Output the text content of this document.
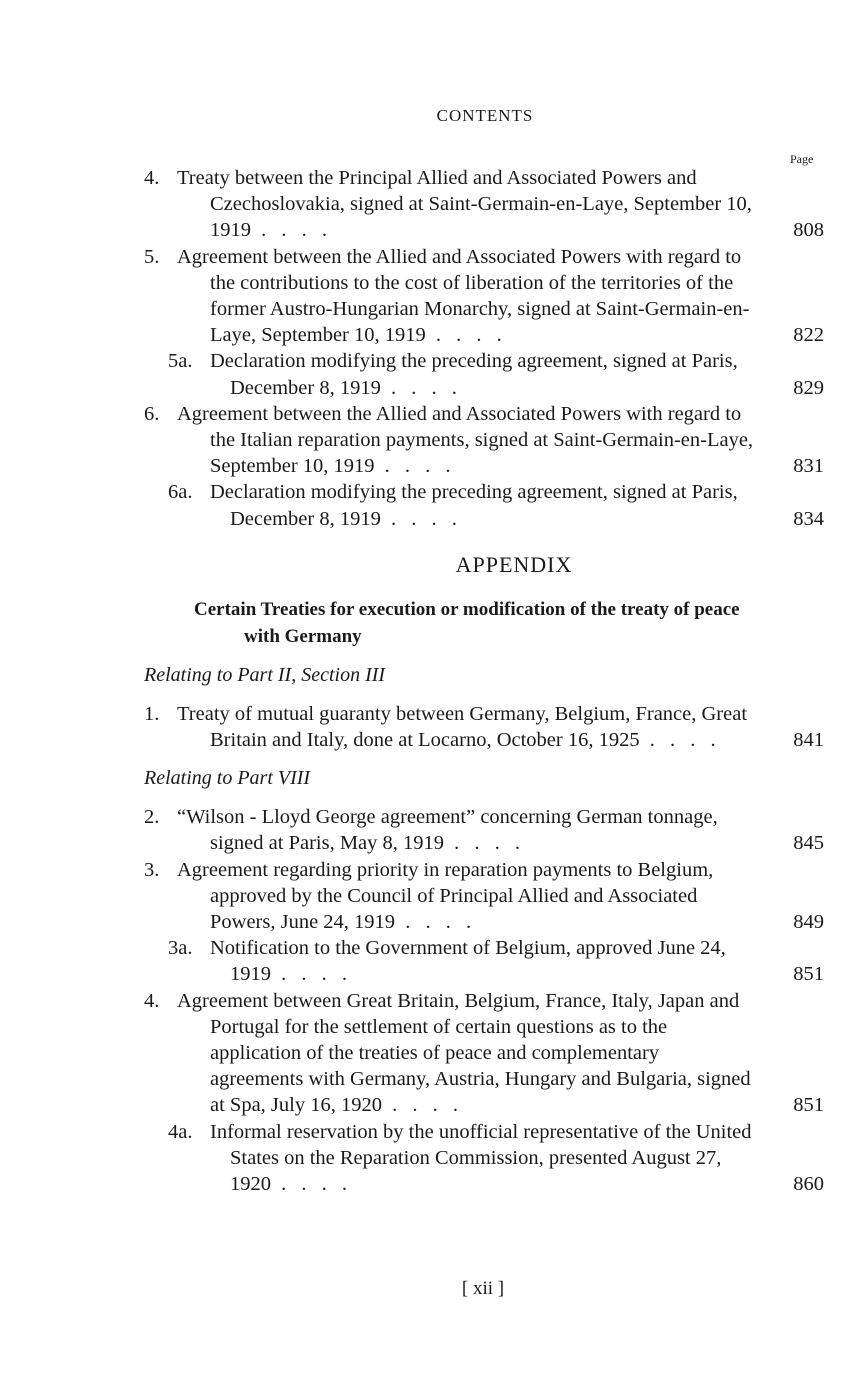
CONTENTS
Page
4. Treaty between the Principal Allied and Associated Powers and Czechoslovakia, signed at Saint-Germain-en-Laye, September 10, 1919 . . . .	808
5. Agreement between the Allied and Associated Powers with regard to the contributions to the cost of liberation of the territories of the former Austro-Hungarian Monarchy, signed at Saint-Germain-en-Laye, September 10, 1919 . . . .	822
5a. Declaration modifying the preceding agreement, signed at Paris, December 8, 1919 . . . .	829
6. Agreement between the Allied and Associated Powers with regard to the Italian reparation payments, signed at Saint-Germain-en-Laye, September 10, 1919 . . . .	831
6a. Declaration modifying the preceding agreement, signed at Paris, December 8, 1919 . . . .	834
APPENDIX
Certain Treaties for execution or modification of the treaty of peace with Germany
Relating to Part II, Section III
1. Treaty of mutual guaranty between Germany, Belgium, France, Great Britain and Italy, done at Locarno, October 16, 1925 . . . .	841
Relating to Part VIII
2. “Wilson - Lloyd George agreement” concerning German tonnage, signed at Paris, May 8, 1919 . . . .	845
3. Agreement regarding priority in reparation payments to Belgium, approved by the Council of Principal Allied and Associated Powers, June 24, 1919 . . . .	849
3a. Notification to the Government of Belgium, approved June 24, 1919 . . . .	851
4. Agreement between Great Britain, Belgium, France, Italy, Japan and Portugal for the settlement of certain questions as to the application of the treaties of peace and complementary agreements with Germany, Austria, Hungary and Bulgaria, signed at Spa, July 16, 1920 . . . .	851
4a. Informal reservation by the unofficial representative of the United States on the Reparation Commission, presented August 27, 1920 . . . .	860
[ xii ]
